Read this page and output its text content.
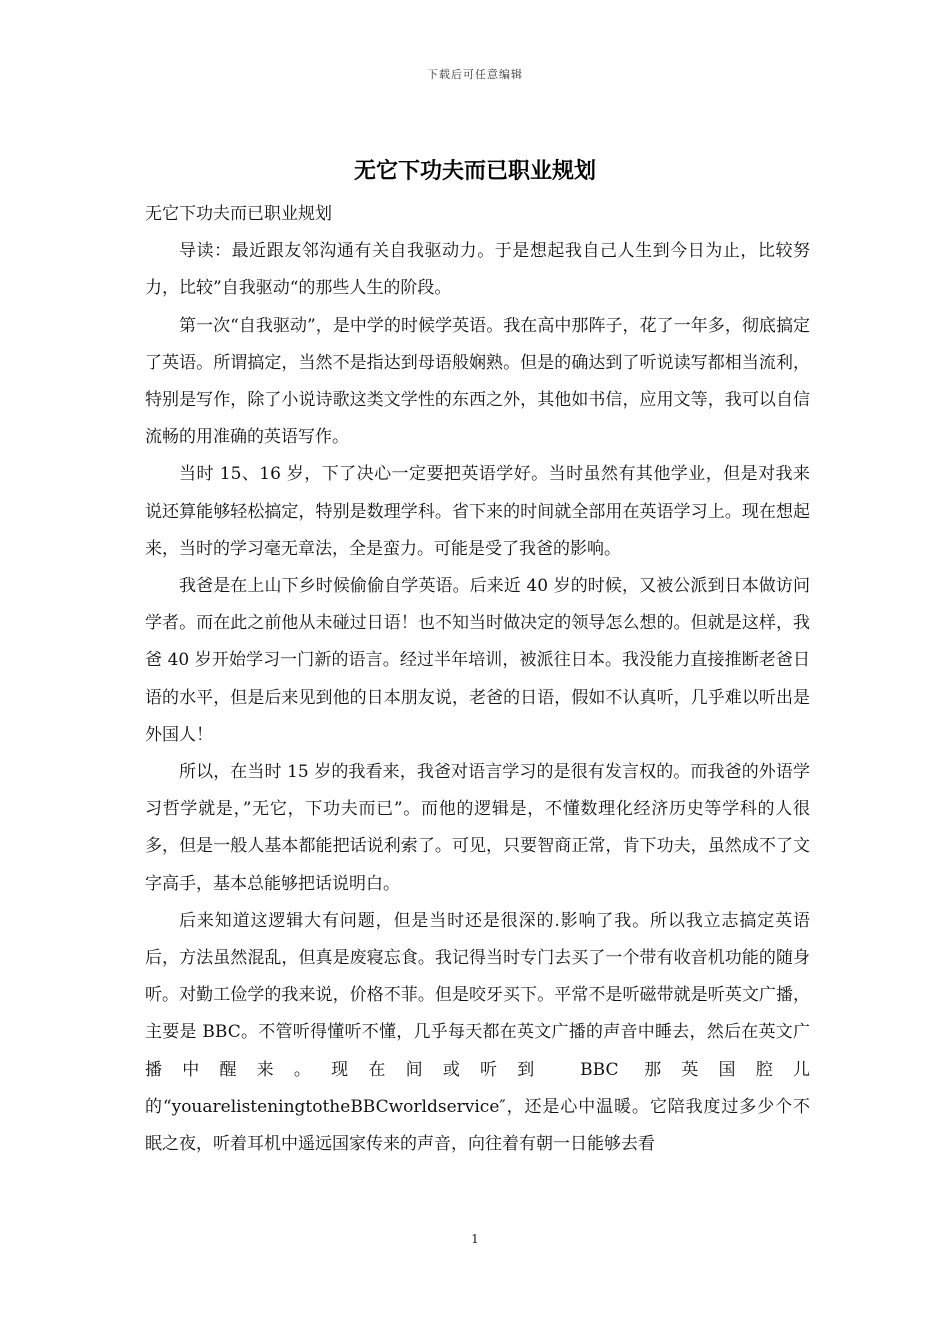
下载后可任意编辑
无它下功夫而已职业规划

无它下功夫而已职业规划

导读：最近跟友邻沟通有关自我驱动力。于是想起我自己人生到今日为止，比较努力，比较”自我驱动“的那些人生的阶段。

第一次“自我驱动”，是中学的时候学英语。我在高中那阵子，花了一年多，彻底搞定了英语。所谓搞定，当然不是指达到母语般娴熟。但是的确达到了听说读写都相当流利，特别是写作，除了小说诗歌这类文学性的东西之外，其他如书信，应用文等，我可以自信流畅的用准确的英语写作。

当时 15、16 岁，下了决心一定要把英语学好。当时虽然有其他学业，但是对我来说还算能够轻松搞定，特别是数理学科。省下来的时间就全部用在英语学习上。现在想起来，当时的学习毫无章法，全是蛮力。可能是受了我爸的影响。

我爸是在上山下乡时候偷偷自学英语。后来近 40 岁的时候，又被公派到日本做访问学者。而在此之前他从未碰过日语！也不知当时做决定的领导怎么想的。但就是这样，我爸 40 岁开始学习一门新的语言。经过半年培训，被派往日本。我没能力直接推断老爸日语的水平，但是后来见到他的日本朋友说，老爸的日语，假如不认真听，几乎难以听出是外国人！

所以，在当时 15 岁的我看来，我爸对语言学习的是很有发言权的。而我爸的外语学习哲学就是，”无它，下功夫而已”。而他的逻辑是，不懂数理化经济历史等学科的人很多，但是一般人基本都能把话说利索了。可见，只要智商正常，肯下功夫，虽然成不了文字高手，基本总能够把话说明白。

后来知道这逻辑大有问题，但是当时还是很深的.影响了我。所以我立志搞定英语后，方法虽然混乱，但真是废寝忘食。我记得当时专门去买了一个带有收音机功能的随身听。对勤工俭学的我来说，价格不菲。但是咬牙买下。平常不是听磁带就是听英文广播，主要是 BBC。不管听得懂听不懂，几乎每天都在英文广播的声音中睡去，然后在英文广播中醒来。现在间或听到 BBC 那英国腔儿的“youarelisteningtotheBBCworldservice″，还是心中温暖。它陪我度过多少个不眠之夜，听着耳机中遥远国家传来的声音，向往着有朝一日能够去看

1
